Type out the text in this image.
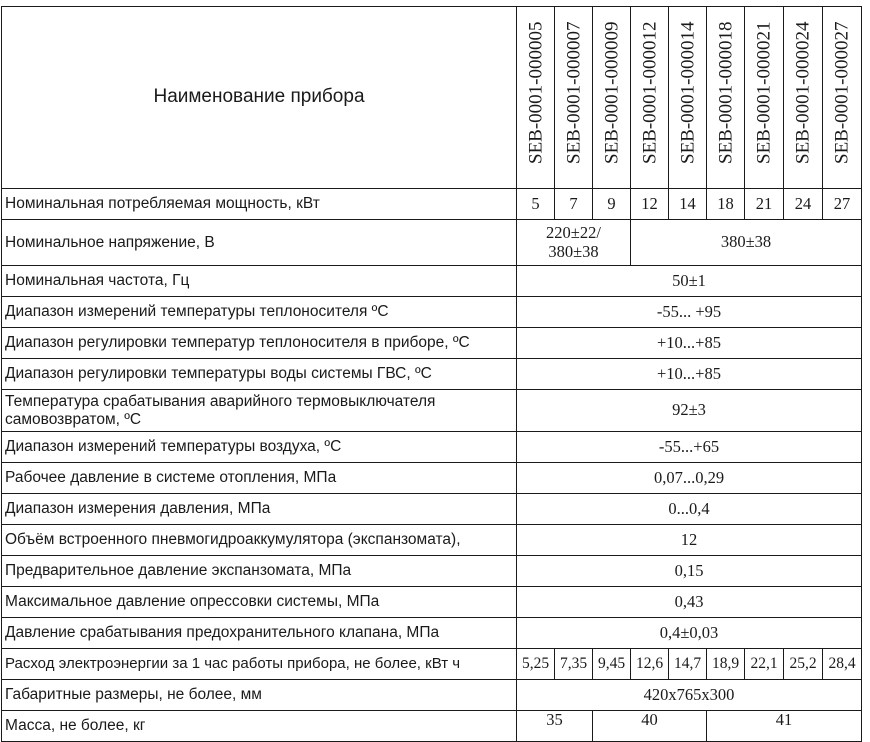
Наименование прибора	SEB-0001-000005	SEB-0001-000007	SEB-0001-000009	SEB-0001-000012	SEB-0001-000014	SEB-0001-000018	SEB-0001-000021	SEB-0001-000024	SEB-0001-000027

Номинальная потребляемая мощность, кВт	5	7	9	12	14	18	21	24	27
Номинальное напряжение, В	220±22/ 380±38			380±38					
Номинальная частота, Гц	50±1								
Диапазон измерений температуры теплоносителя ºС	-55... +95								
Диапазон регулировки температур теплоносителя в приборе, ºС	+10...+85								
Диапазон регулировки температуры воды системы ГВС, ºС	+10...+85								
Температура срабатывания аварийного термовыключателя самовозвратом, ºС	92±3								
Диапазон измерений температуры воздуха, ºС	-55...+65								
Рабочее давление в системе отопления, МПа	0,07...0,29								
Диапазон измерения давления, МПа	0...0,4								
Объём встроенного пневмогидроаккумулятора (экспанзомата),	12								
Предварительное давление экспанзомата, МПа	0,15								
Максимальное давление опрессовки системы, МПа	0,43								
Давление срабатывания предохранительного клапана, МПа	0,4±0,03								
Расход электроэнергии за 1 час работы прибора, не более, кВт ч	5,25	7,35	9,45	12,6	14,7	18,9	22,1	25,2	28,4
Габаритные размеры, не более, мм	420х765х300								
Масса, не более, кг	35		40			41			
